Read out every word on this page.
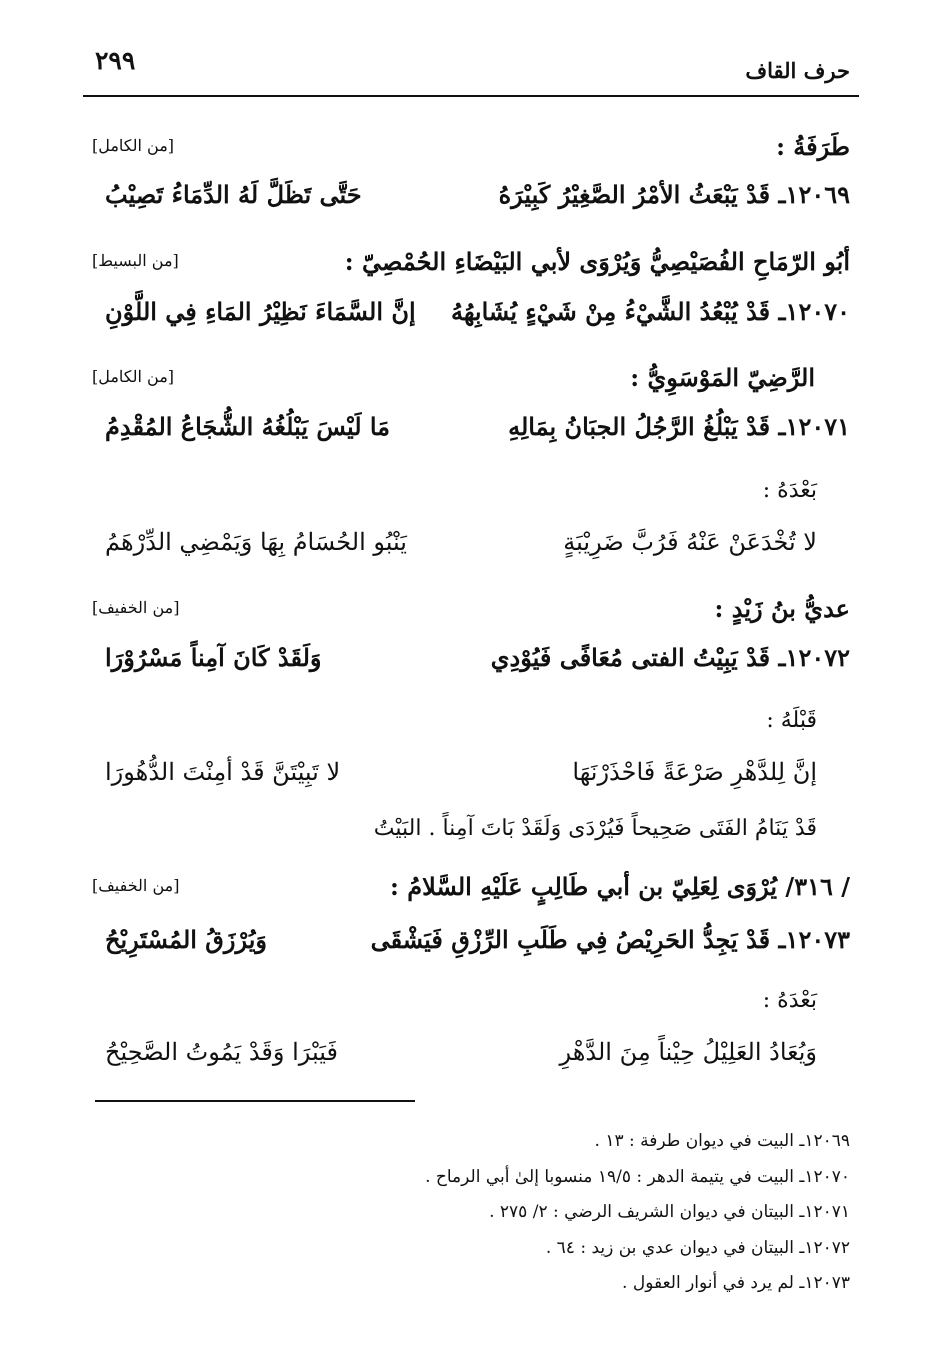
حرف القاف
٢٩٩
طَرَفَةُ :
[من الكامل]
١٢٠٦٩ـ قَدْ يَبْعَثُ الأمْرُ الصَّغِيْرُ كَبِيْرَهُ
حَتَّى تَظَلَّ لَهُ الدِّمَاءُ تَصِيْبُ
أبُو الرّمَاحِ الفُصَيْصِيُّ وَيُرْوَى لأبي البَيْضَاءِ الحُمْصِيّ :
[من البسيط]
١٢٠٧٠ـ قَدْ يُبْعُدُ الشَّيْءُ مِنْ شَيْءٍ يُشَابِهُهُ
إنَّ السَّمَاءَ نَظِيْرُ المَاءِ فِي اللَّوْنِ
الرَّضِيّ المَوْسَوِيُّ :
[من الكامل]
١٢٠٧١ـ قَدْ يَبْلُغُ الرَّجُلُ الجبَانُ بِمَالِهِ
مَا لَيْسَ يَبْلُغُهُ الشُّجَاعُ المُقْدِمُ
بَعْدَهُ :
لا تُخْدَعَنْ عَنْهُ فَرُبَّ ضَرِيْبَةٍ
يَنْبُو الحُسَامُ بِهَا وَيَمْضِي الدِّرْهَمُ
عديُّ بنُ زَيْدٍ :
[من الخفيف]
١٢٠٧٢ـ قَدْ يَبِيْتُ الفتى مُعَافًى فَيُوْدِي
وَلَقَدْ كَانَ آمِناً مَسْرُوْرَا
قَبْلَهُ :
إنَّ لِلدَّهْرِ صَرْعَةً فَاحْذَرْنَهَا
لا تَبِيْتَنَّ قَدْ أمِنْتَ الدُّهُورَا
قَدْ يَنَامُ الفَتَى صَحِيحاً فَيُرْدَى وَلَقَدْ بَاتَ آمِناً . البَيْتُ
/ ٣١٦/ يُرْوَى لِعَلِيّ بن أبي طَالِبٍ عَلَيْهِ السَّلامُ :
[من الخفيف]
١٢٠٧٣ـ قَدْ يَجِدُّ الحَرِيْصُ فِي طَلَبِ الرِّزْقِ فَيَشْقَى
وَيُرْزَقُ المُسْتَرِيْحُ
بَعْدَهُ :
وَيُعَادُ العَلِيْلُ حِيْناً مِنَ الدَّهْرِ
فَيَبْرَا وَقَدْ يَمُوتُ الصَّحِيْحُ
١٢٠٦٩ـ البيت في ديوان طرفة : ١٣ .
١٢٠٧٠ـ البيت في يتيمة الدهر : ١٩/٥ منسوبا إلىٰ أبي الرماح .
١٢٠٧١ـ البيتان في ديوان الشريف الرضي : ٢/ ٢٧٥ .
١٢٠٧٢ـ البيتان في ديوان عدي بن زيد : ٦٤ .
١٢٠٧٣ـ لم يرد في أنوار العقول .
